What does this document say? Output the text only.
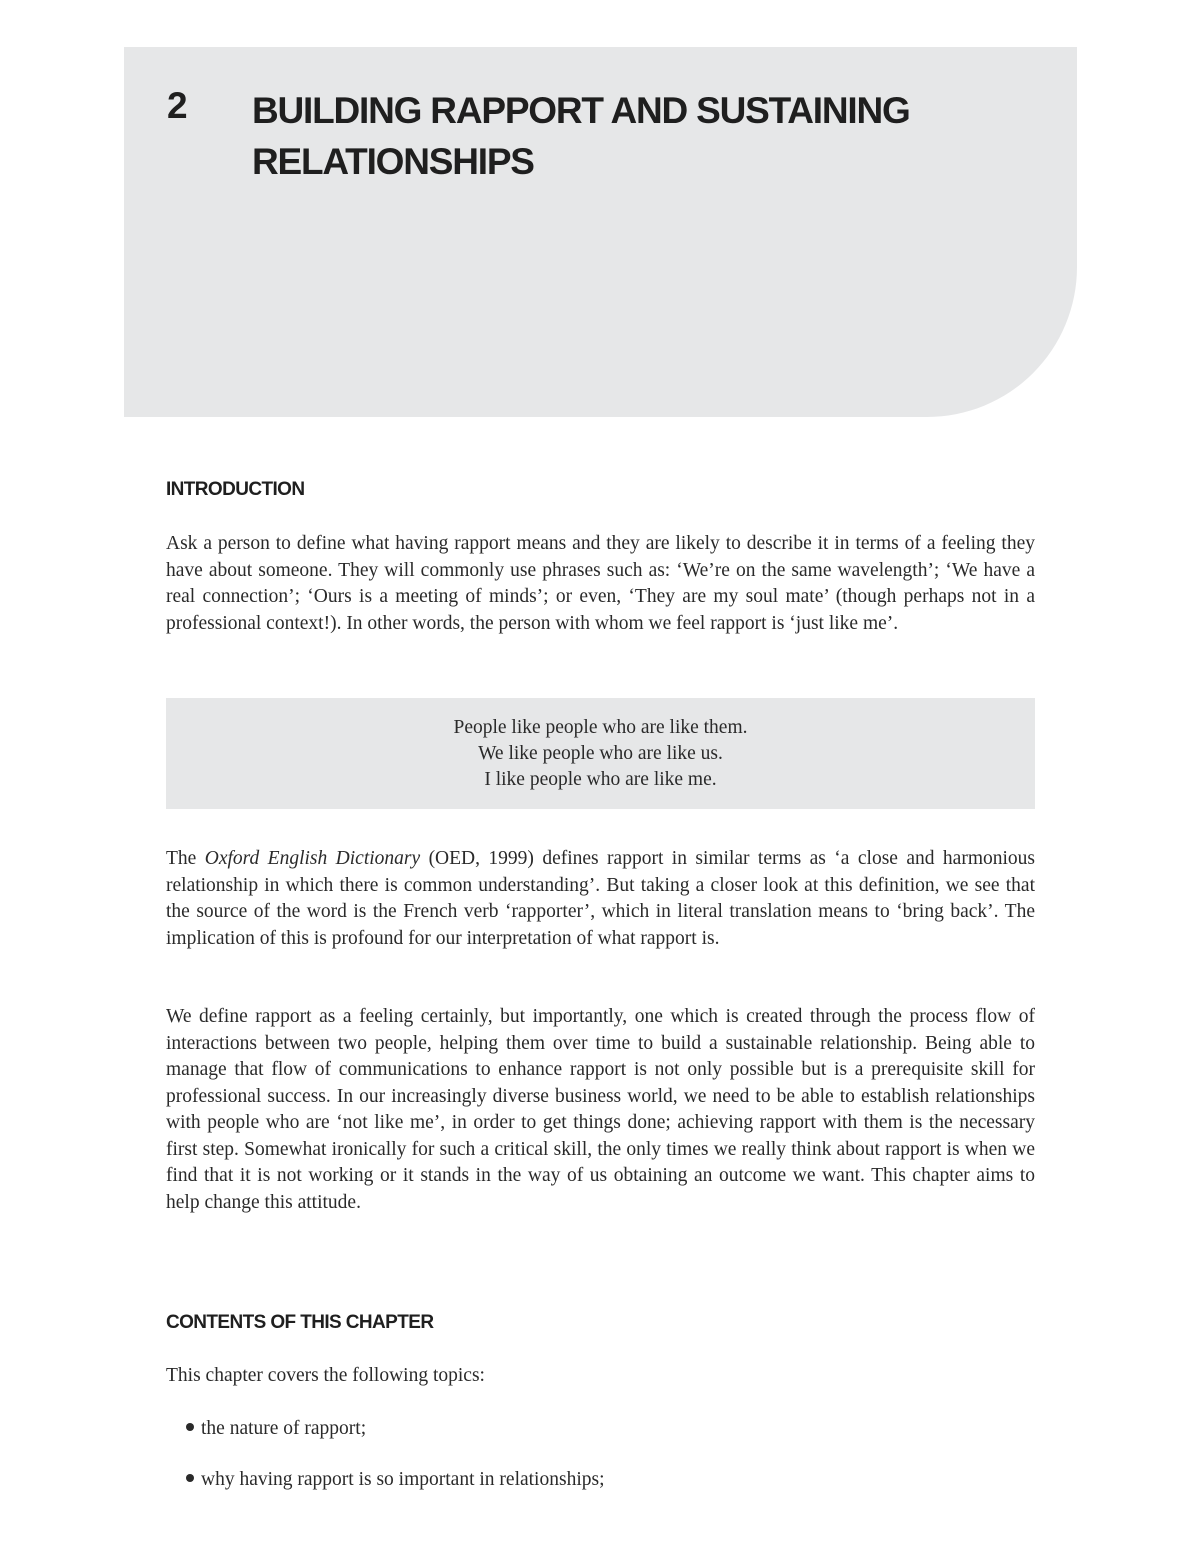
2 BUILDING RAPPORT AND SUSTAINING RELATIONSHIPS
INTRODUCTION

Ask a person to define what having rapport means and they are likely to describe it in terms of a feeling they have about someone. They will commonly use phrases such as: ‘We’re on the same wavelength’; ‘We have a real connection’; ‘Ours is a meeting of minds’; or even, ‘They are my soul mate’ (though perhaps not in a professional context!). In other words, the person with whom we feel rapport is ‘just like me’.

People like people who are like them.

We like people who are like us.

I like people who are like me.

The Oxford English Dictionary (OED, 1999) defines rapport in similar terms as ‘a close and harmonious relationship in which there is common understanding’. But taking a closer look at this definition, we see that the source of the word is the French verb ‘rapporter’, which in literal translation means to ‘bring back’. The implication of this is profound for our interpretation of what rapport is.

We define rapport as a feeling certainly, but importantly, one which is created through the process flow of interactions between two people, helping them over time to build a sustainable relationship. Being able to manage that flow of communications to enhance rapport is not only possible but is a prerequisite skill for professional success. In our increasingly diverse business world, we need to be able to establish relationships with people who are ‘not like me’, in order to get things done; achieving rapport with them is the necessary first step. Somewhat ironically for such a critical skill, the only times we really think about rapport is when we find that it is not working or it stands in the way of us obtaining an outcome we want. This chapter aims to help change this attitude.

CONTENTS OF THIS CHAPTER

This chapter covers the following topics:

the nature of rapport;
why having rapport is so important in relationships;
